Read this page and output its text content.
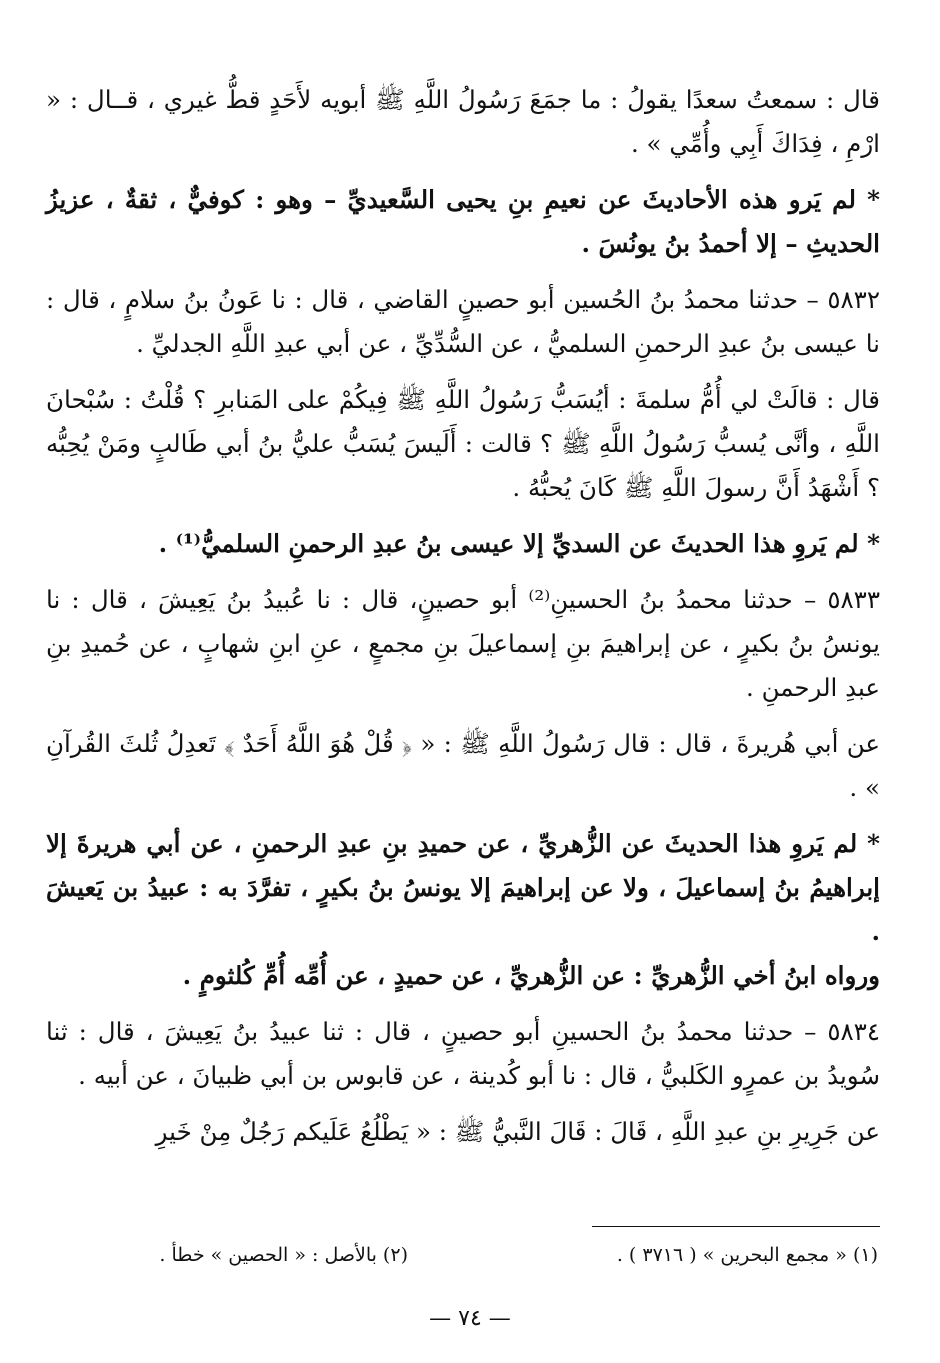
قال : سمعتُ سعدًا يقولُ : ما جمَعَ رَسُولُ اللَّهِ ﷺ أبويه لأَحَدٍ قطُّ غيري ، قــال : « ارْمِ ، فِدَاكَ أَبِي وأُمِّي » .

* لم يَرو هذه الأحاديثَ عن نعيمِ بنِ يحيى السَّعيديِّ – وهو : كوفيٌّ ، ثقةٌ ، عزيزُ الحديثِ – إلا أحمدُ بنُ يونُسَ .

٥٨٣٢ – حدثنا محمدُ بنُ الحُسين أبو حصينٍ القاضي ، قال : نا عَونُ بنُ سلامٍ ، قال : نا عيسى بنُ عبدِ الرحمنِ السلميُّ ، عن السُّدِّيِّ ، عن أبي عبدِ اللَّهِ الجدليِّ .

قال : قالَتْ لي أُمُّ سلمةَ : أيُسَبُّ رَسُولُ اللَّهِ ﷺ فِيكُمْ على المَنابرِ ؟ قُلْتُ : سُبْحانَ اللَّهِ ، وأنَّى يُسبُّ رَسُولُ اللَّهِ ﷺ ؟ قالت : أَلَيسَ يُسَبُّ عليُّ بنُ أبي طَالبٍ ومَنْ يُحِبُّه ؟ أَشْهَدُ أَنَّ رسولَ اللَّهِ ﷺ كَانَ يُحبُّهُ .

* لم يَروِ هذا الحديثَ عن السديِّ إلا عيسى بنُ عبدِ الرحمنِ السلميُّ⁽¹⁾ .

٥٨٣٣ – حدثنا محمدُ بنُ الحسينِ⁽²⁾ أبو حصينٍ، قال : نا عُبيدُ بنُ يَعِيشَ ، قال : نا يونسُ بنُ بكيرٍ ، عن إبراهيمَ بنِ إسماعيلَ بنِ مجمعٍ ، عنِ ابنِ شهابٍ ، عن حُميدِ بنِ عبدِ الرحمنِ .

عن أبي هُريرةَ ، قال : قال رَسُولُ اللَّهِ ﷺ : « ﴿ قُلْ هُوَ اللَّهُ أَحَدٌ ﴾ تَعدِلُ ثُلثَ القُرآنِ » .

* لم يَروِ هذا الحديثَ عن الزُّهريِّ ، عن حميدِ بنِ عبدِ الرحمنِ ، عن أبي هريرةَ إلا إبراهيمُ بنُ إسماعيلَ ، ولا عن إبراهيمَ إلا يونسُ بنُ بكيرٍ ، تفرَّدَ به : عبيدُ بن يَعيشَ .

ورواه ابنُ أخي الزُّهريِّ : عن الزُّهريِّ ، عن حميدٍ ، عن أُمِّه أُمِّ كُلثومٍ .

٥٨٣٤ – حدثنا محمدُ بنُ الحسينِ أبو حصينٍ ، قال : ثنا عبيدُ بنُ يَعِيشَ ، قال : ثنا سُويدُ بن عمرٍو الكَلبيُّ ، قال : نا أبو كُدينة ، عن قابوس بن أبي ظبيانَ ، عن أبيه .

عن جَرِيرِ بنِ عبدِ اللَّهِ ، قَالَ : قَالَ النَّبيُّ ﷺ : « يَطْلُعُ عَلَيكم رَجُلٌ مِنْ خَيرِ

(١) « مجمع البحرين » ( ٣٧١٦ ) .
(٢) بالأصل : « الحصين » خطأ .
— ٧٤ —
